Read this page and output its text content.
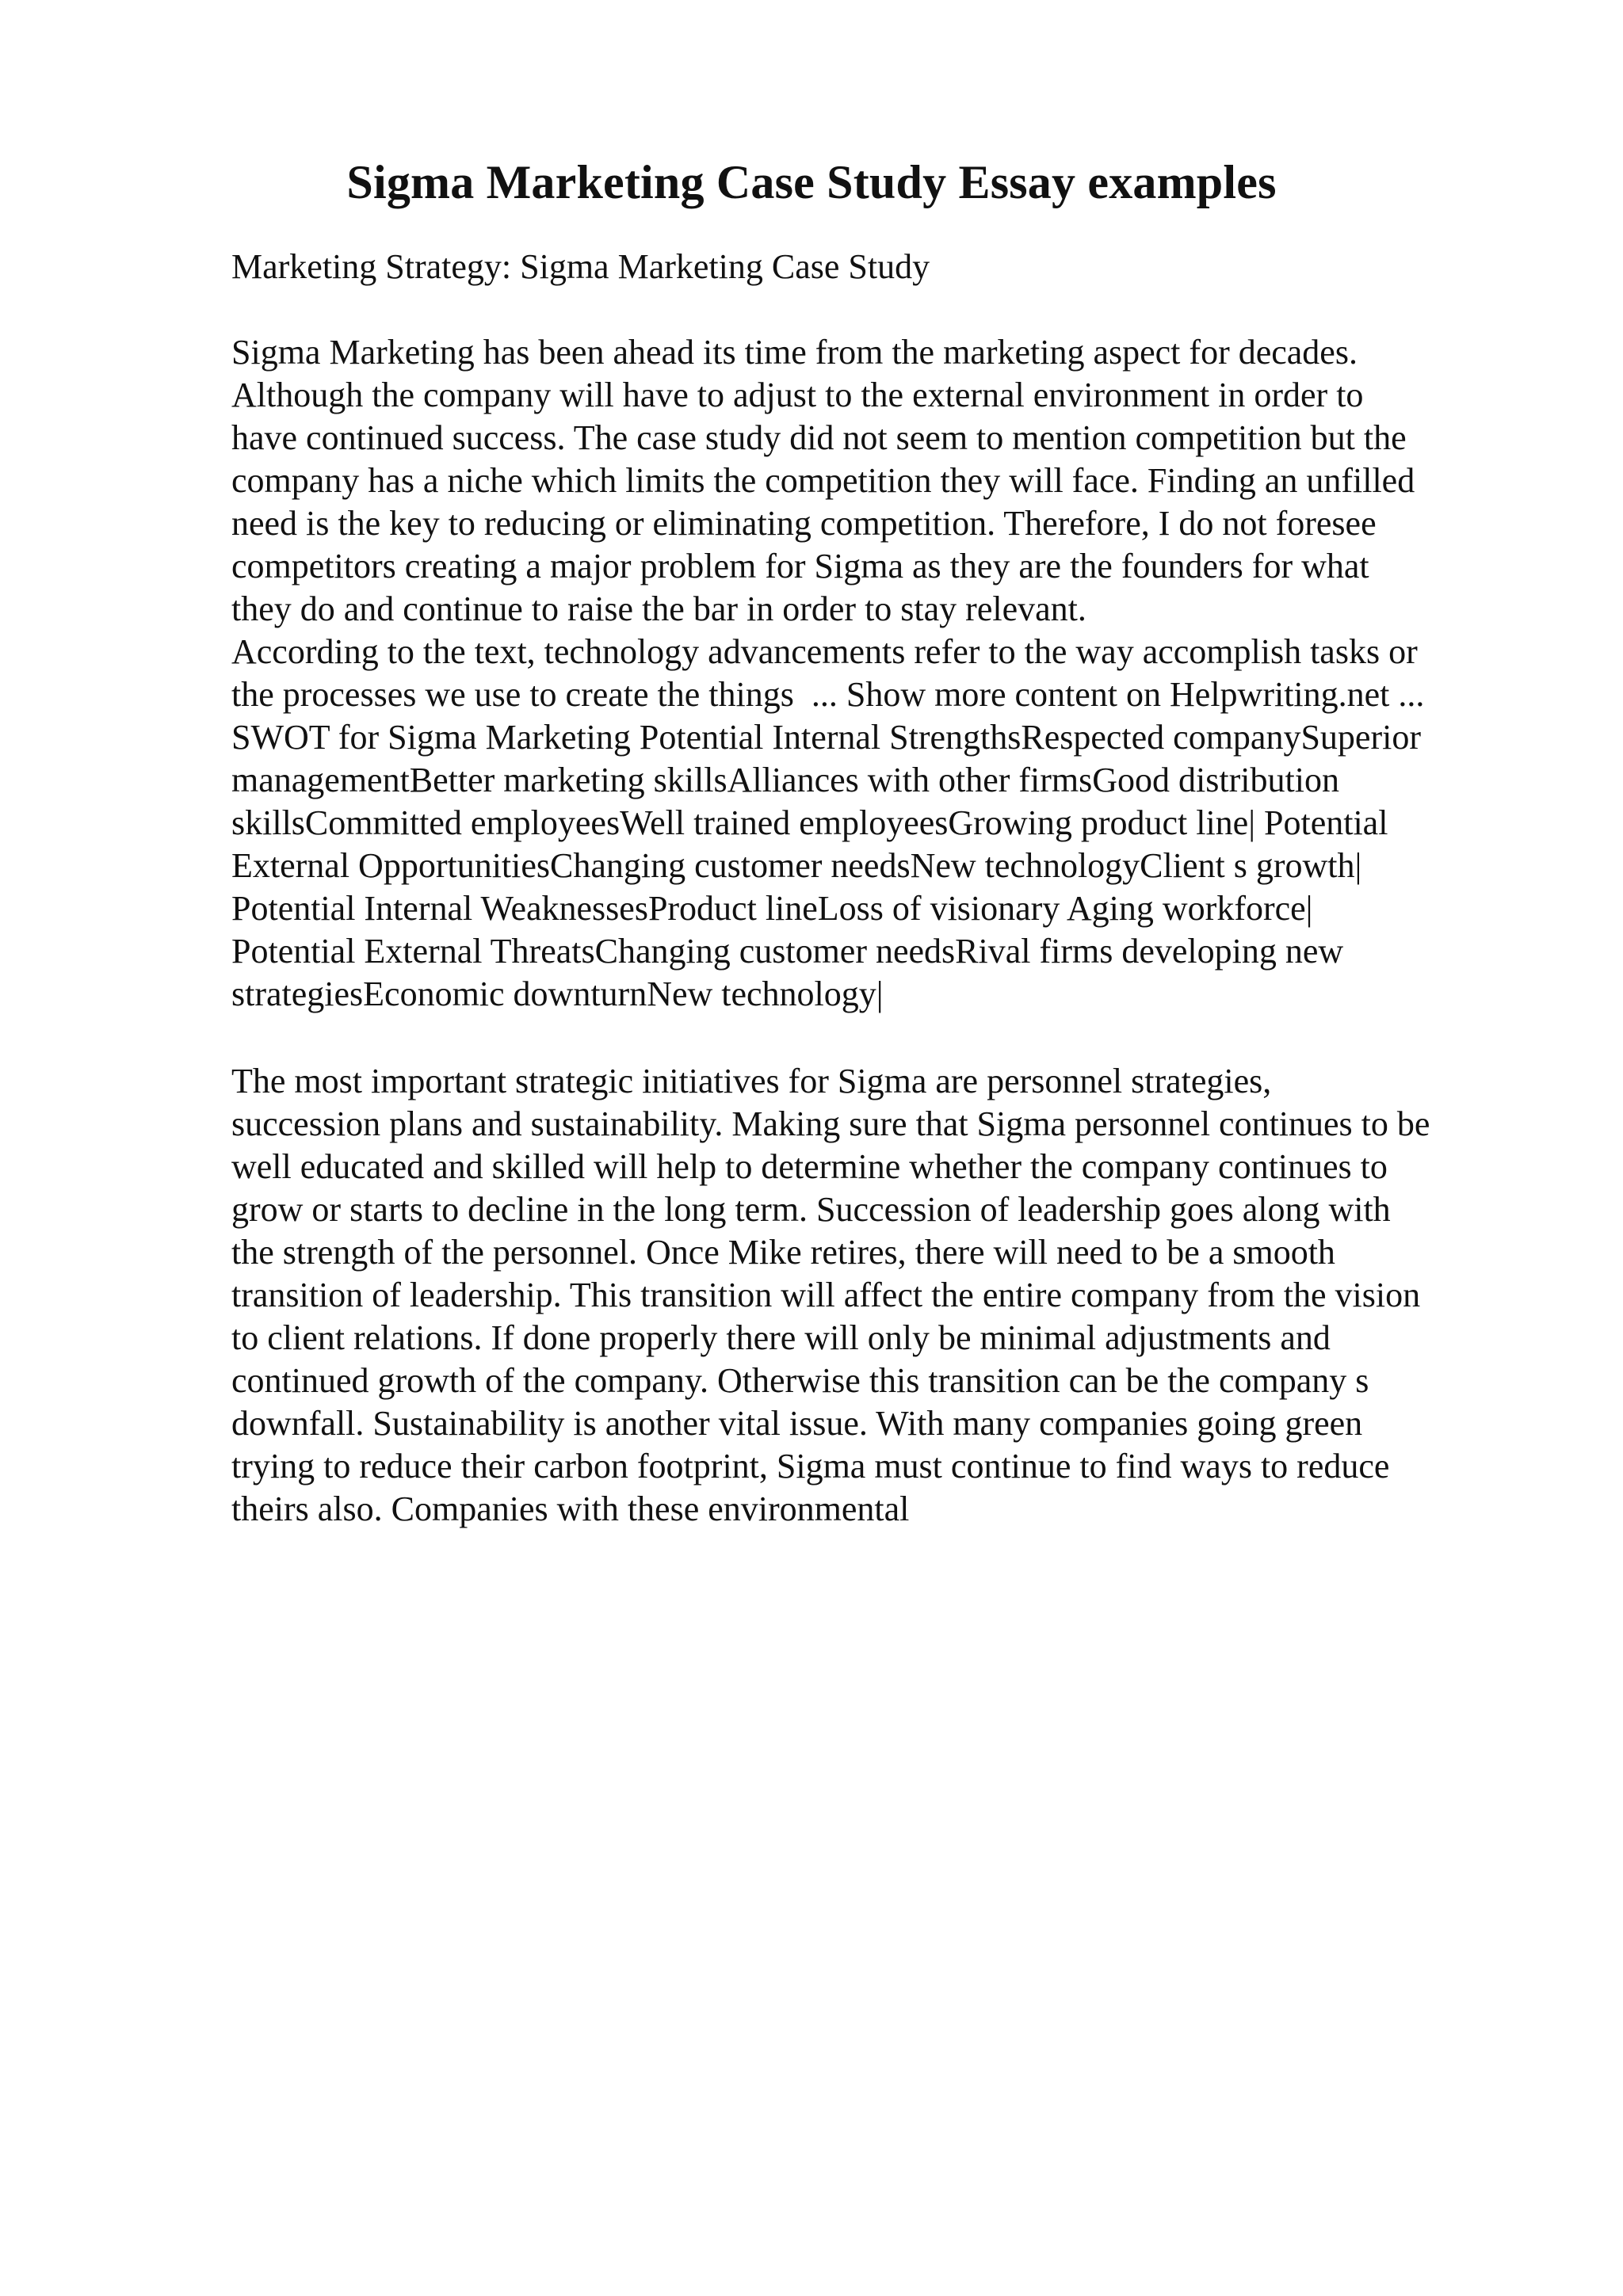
Sigma Marketing Case Study Essay examples

Marketing Strategy: Sigma Marketing Case Study

Sigma Marketing has been ahead its time from the marketing aspect for decades.
Although the company will have to adjust to the external environment in order to
have continued success. The case study did not seem to mention competition but the
company has a niche which limits the competition they will face. Finding an unfilled
need is the key to reducing or eliminating competition. Therefore, I do not foresee
competitors creating a major problem for Sigma as they are the founders for what
they do and continue to raise the bar in order to stay relevant.
According to the text, technology advancements refer to the way accomplish tasks or
the processes we use to create the things  ... Show more content on Helpwriting.net ...
SWOT for Sigma Marketing Potential Internal StrengthsRespected companySuperior
managementBetter marketing skillsAlliances with other firmsGood distribution
skillsCommitted employeesWell trained employeesGrowing product line| Potential
External OpportunitiesChanging customer needsNew technologyClient s growth|
Potential Internal WeaknessesProduct lineLoss of visionary Aging workforce|
Potential External ThreatsChanging customer needsRival firms developing new
strategiesEconomic downturnNew technology|
The most important strategic initiatives for Sigma are personnel strategies,
succession plans and sustainability. Making sure that Sigma personnel continues to be
well educated and skilled will help to determine whether the company continues to
grow or starts to decline in the long term. Succession of leadership goes along with
the strength of the personnel. Once Mike retires, there will need to be a smooth
transition of leadership. This transition will affect the entire company from the vision
to client relations. If done properly there will only be minimal adjustments and
continued growth of the company. Otherwise this transition can be the company s
downfall. Sustainability is another vital issue. With many companies going green
trying to reduce their carbon footprint, Sigma must continue to find ways to reduce
theirs also. Companies with these environmental
